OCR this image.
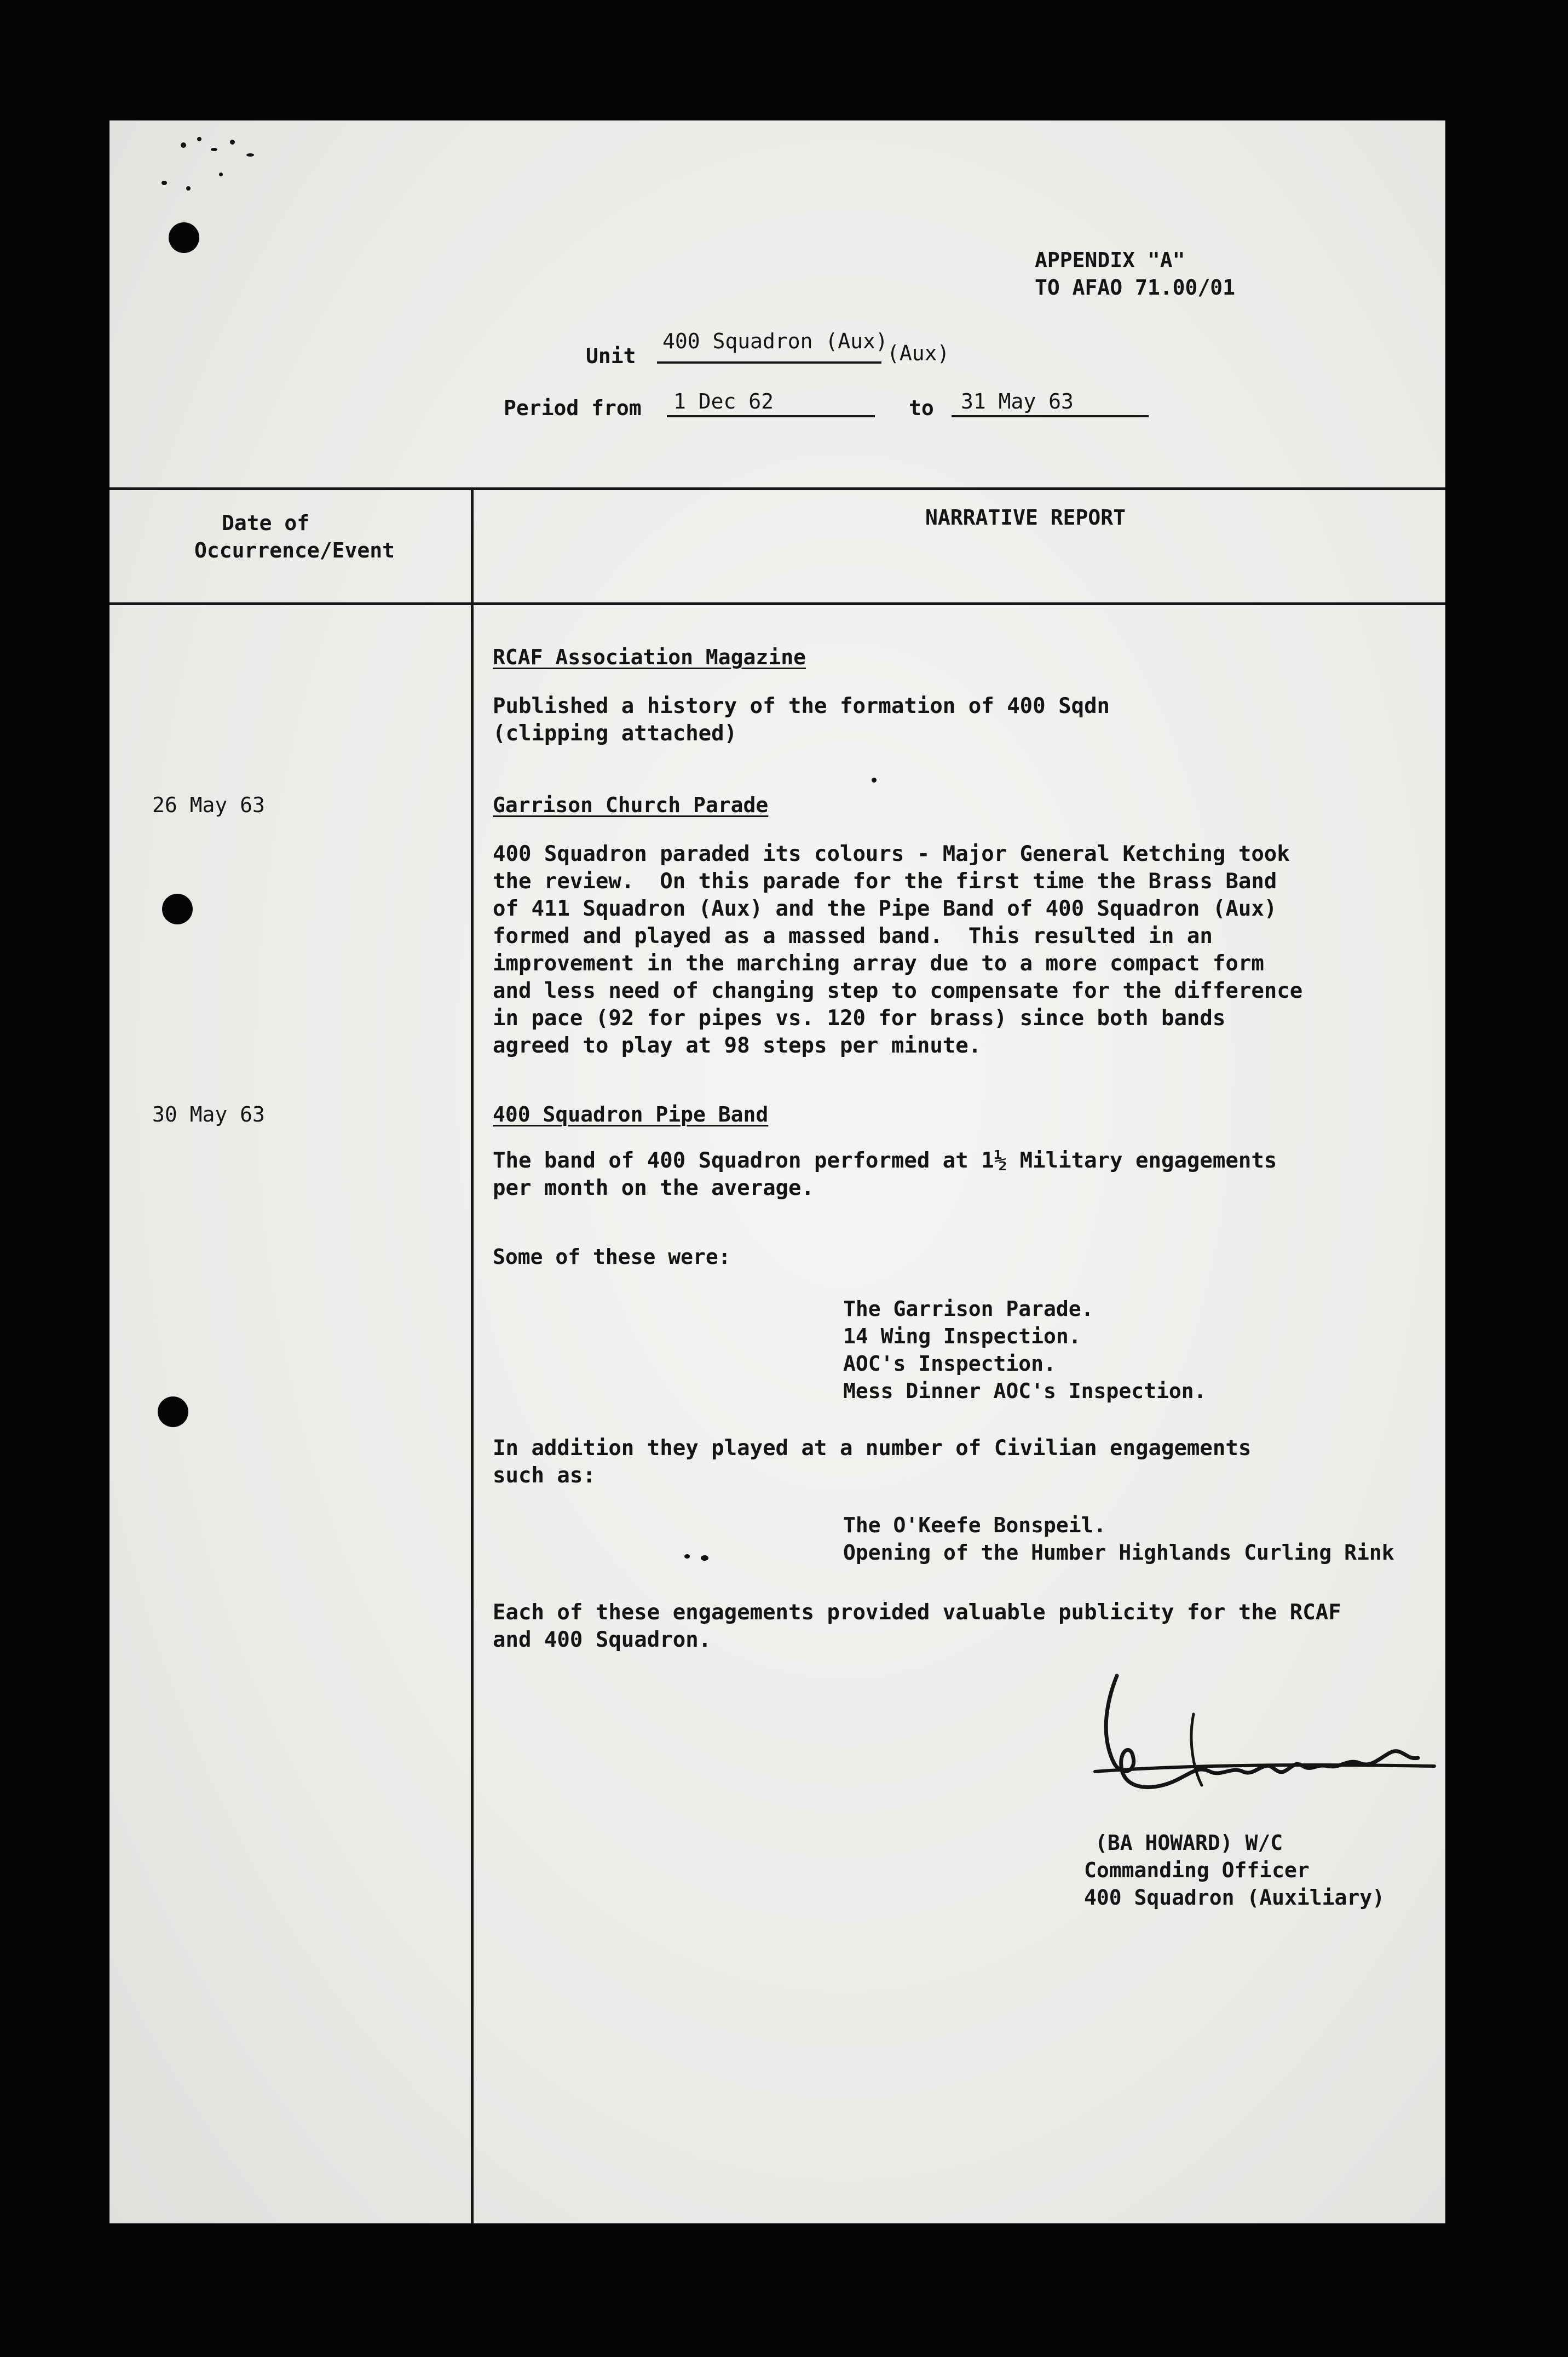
APPENDIX "A"
TO AFAO 71.00/01
Unit
400 Squadron (Aux)
(Aux)
Period from 1 Dec 62	to 31 May 63
Date of
Occurrence/Event
NARRATIVE REPORT
RCAF Association Magazine
Published a history of the formation of 400 Sqdn
(clipping attached)
26 May 63	Garrison Church Parade
400 Squadron paraded its colours - Major General Ketching took
the review.  On this parade for the first time the Brass Band
of 411 Squadron (Aux) and the Pipe Band of 400 Squadron (Aux)
formed and played as a massed band.  This resulted in an
improvement in the marching array due to a more compact form
and less need of changing step to compensate for the difference
in pace (92 for pipes vs. 120 for brass) since both bands
agreed to play at 98 steps per minute.
30 May 63	400 Squadron Pipe Band
The band of 400 Squadron performed at 1½ Military engagements
per month on the average.
Some of these were:
The Garrison Parade.
14 Wing Inspection.
AOC's Inspection.
Mess Dinner AOC's Inspection.
In addition they played at a number of Civilian engagements
such as:
The O'Keefe Bonspeil.
Opening of the Humber Highlands Curling Rink
Each of these engagements provided valuable publicity for the RCAF
and 400 Squadron.
(BA HOWARD) W/C
Commanding Officer
400 Squadron (Auxiliary)
